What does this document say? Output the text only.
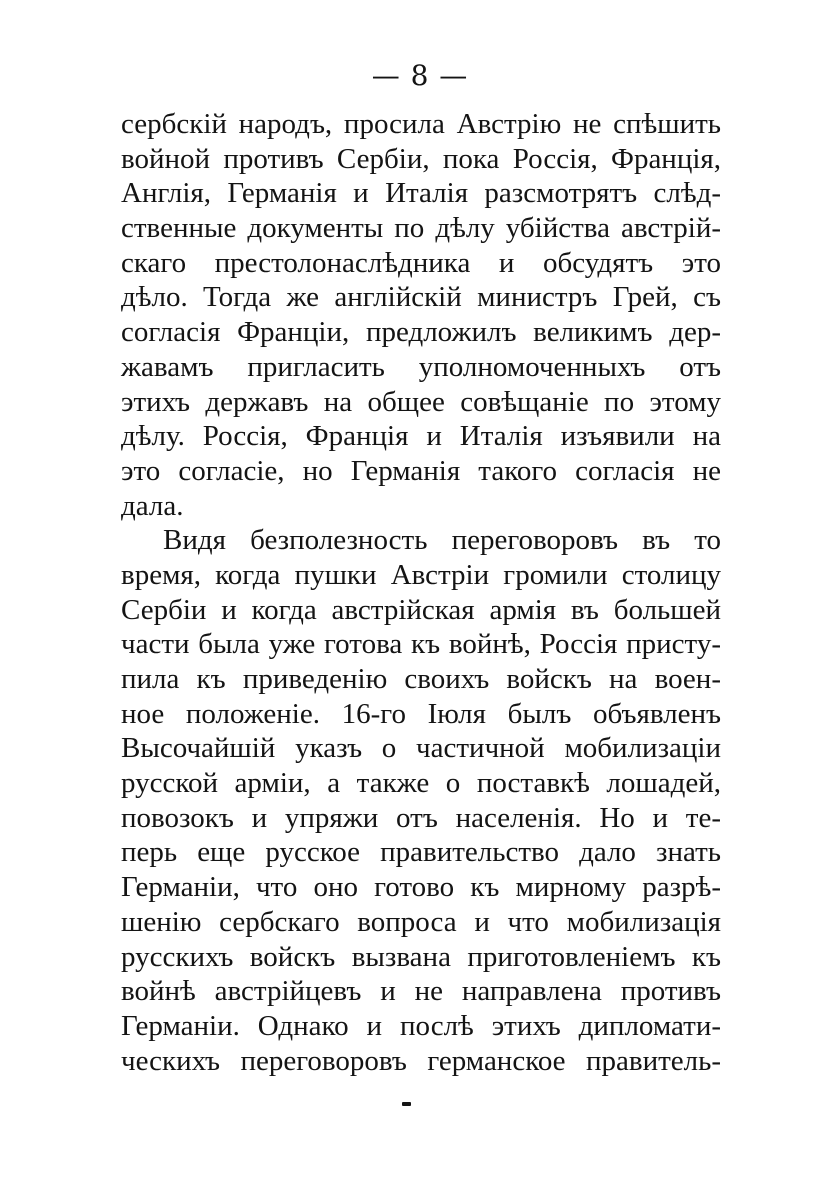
— 8 —
сербскій народъ, просила Австрію не спѣшить
войной противъ Сербіи, пока Россія, Франція,
Англія, Германія и Италія разсмотрятъ слѣд-
ственные документы по дѣлу убійства австрій-
скаго престолонаслѣдника и обсудятъ это
дѣло. Тогда же англійскій министръ Грей, съ
согласія Франціи, предложилъ великимъ дер-
жавамъ пригласить уполномоченныхъ отъ
этихъ державъ на общее совѣщаніе по этому
дѣлу. Россія, Франція и Италія изъявили на
это согласіе, но Германія такого согласія не
дала.
Видя безполезность переговоровъ въ то
время, когда пушки Австріи громили столицу
Сербіи и когда австрійская армія въ большей
части была уже готова къ войнѣ, Россія присту-
пила къ приведенію своихъ войскъ на воен-
ное положеніе. 16-го Іюля былъ объявленъ
Высочайшій указъ о частичной мобилизаціи
русской арміи, а также о поставкѣ лошадей,
повозокъ и упряжи отъ населенія. Но и те-
перь еще русское правительство дало знать
Германіи, что оно готово къ мирному разрѣ-
шенію сербскаго вопроса и что мобилизація
русскихъ войскъ вызвана приготовленіемъ къ
войнѣ австрійцевъ и не направлена противъ
Германіи. Однако и послѣ этихъ дипломати-
ческихъ переговоровъ германское правитель-
